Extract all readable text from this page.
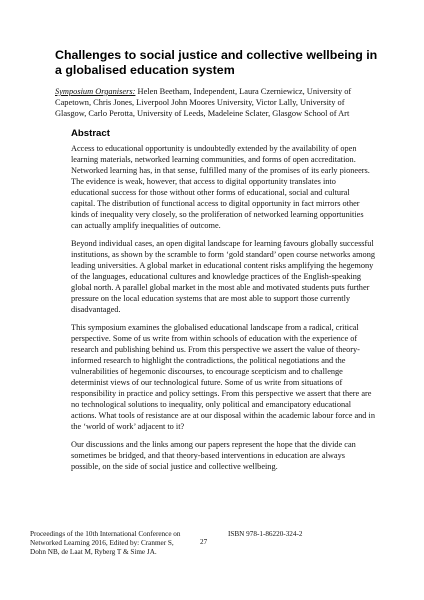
Challenges to social justice and collective wellbeing in a globalised education system
Symposium Organisers: Helen Beetham, Independent, Laura Czerniewicz, University of Capetown, Chris Jones, Liverpool John Moores University, Victor Lally, University of Glasgow, Carlo Perotta, University of Leeds, Madeleine Sclater, Glasgow School of Art
Abstract

Access to educational opportunity is undoubtedly extended by the availability of open learning materials, networked learning communities, and forms of open accreditation. Networked learning has, in that sense, fulfilled many of the promises of its early pioneers. The evidence is weak, however, that access to digital opportunity translates into educational success for those without other forms of educational, social and cultural capital. The distribution of functional access to digital opportunity in fact mirrors other kinds of inequality very closely, so the proliferation of networked learning opportunities can actually amplify inequalities of outcome.

Beyond individual cases, an open digital landscape for learning favours globally successful institutions, as shown by the scramble to form ‘gold standard’ open course networks among leading universities. A global market in educational content risks amplifying the hegemony of the languages, educational cultures and knowledge practices of the English-speaking global north. A parallel global market in the most able and motivated students puts further pressure on the local education systems that are most able to support those currently disadvantaged.

This symposium examines the globalised educational landscape from a radical, critical perspective. Some of us write from within schools of education with the experience of research and publishing behind us. From this perspective we assert the value of theory-informed research to highlight the contradictions, the political negotiations and the vulnerabilities of hegemonic discourses, to encourage scepticism and to challenge determinist views of our technological future. Some of us write from situations of responsibility in practice and policy settings. From this perspective we assert that there are no technological solutions to inequality, only political and emancipatory educational actions. What tools of resistance are at our disposal within the academic labour force and in the ‘world of work’ adjacent to it?

Our discussions and the links among our papers represent the hope that the divide can sometimes be bridged, and that theory-based interventions in education are always possible, on the side of social justice and collective wellbeing.

Proceedings of the 10th International Conference on Networked Learning 2016, Edited by: Cranmer S, Dohn NB, de Laat M, Ryberg T & Sime JA.
27
ISBN 978-1-86220-324-2
